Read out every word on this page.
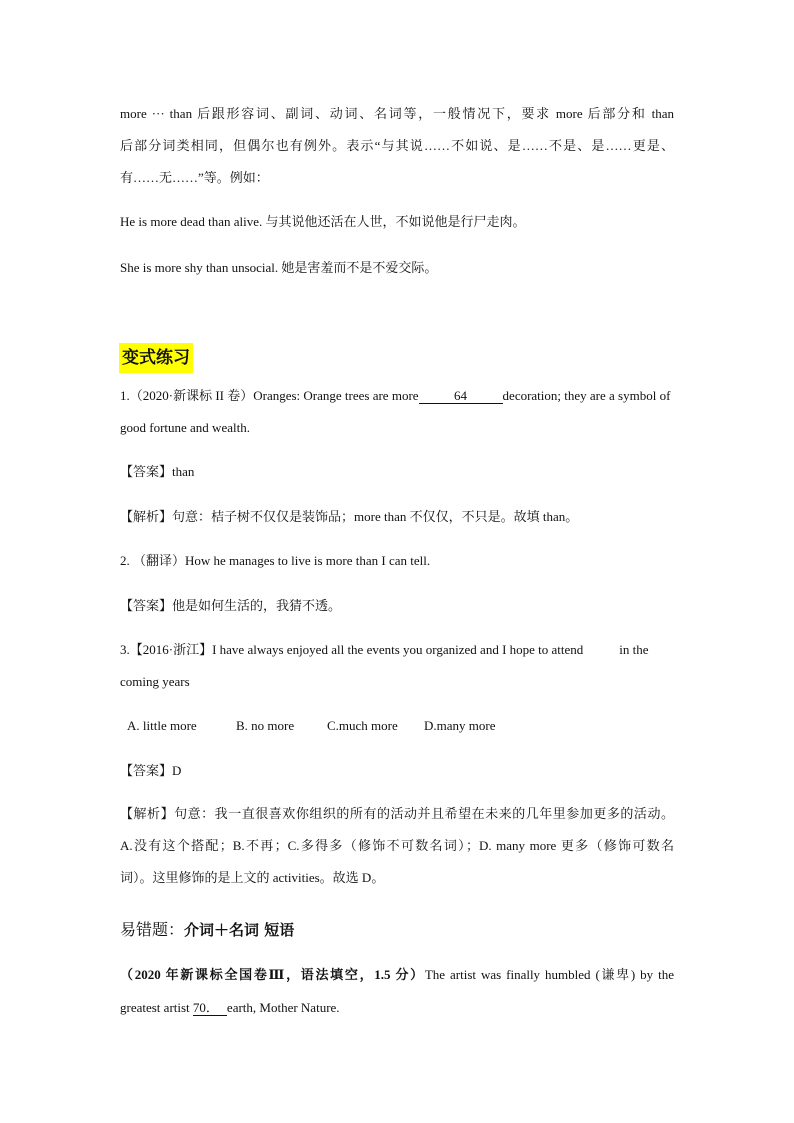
more ··· than 后跟形容词、副词、动词、名词等，一般情况下，要求 more 后部分和 than
后部分词类相同，但偶尔也有例外。表示“与其说……不如说、是……不是、是……更是、
有……无……”等。例如：
He is more dead than alive. 与其说他还活在人世，不如说他是行尸走肉。
She is more shy than unsocial. 她是害羞而不是不爱交际。
变式练习
1.（2020·新课标 II 卷）Oranges: Orange trees are more	64	decoration; they are a symbol of
good fortune and wealth.
【答案】than
【解析】句意：桔子树不仅仅是装饰品；more than 不仅仅，不只是。故填 than。
2. （翻译）How he manages to live is more than I can tell.
【答案】他是如何生活的，我猜不透。
3.【2016·浙江】I have always enjoyed all the events you organized and I hope to attend	in the
coming years
A. little more	B. no more	C.much more D.many more
【答案】D
【解析】句意：我一直很喜欢你组织的所有的活动并且希望在未来的几年里参加更多的活动。
A.没有这个搭配；B.不再；C.多得多（修饰不可数名词）；D. many more 更多（修饰可数名
词）。这里修饰的是上文的 activities。故选 D。
易错题：介词＋名词 短语
（2020 年新课标全国卷Ⅲ，语法填空，1.5 分）The artist was finally humbled (谦卑) by the
greatest artist 70． earth, Mother Nature.
